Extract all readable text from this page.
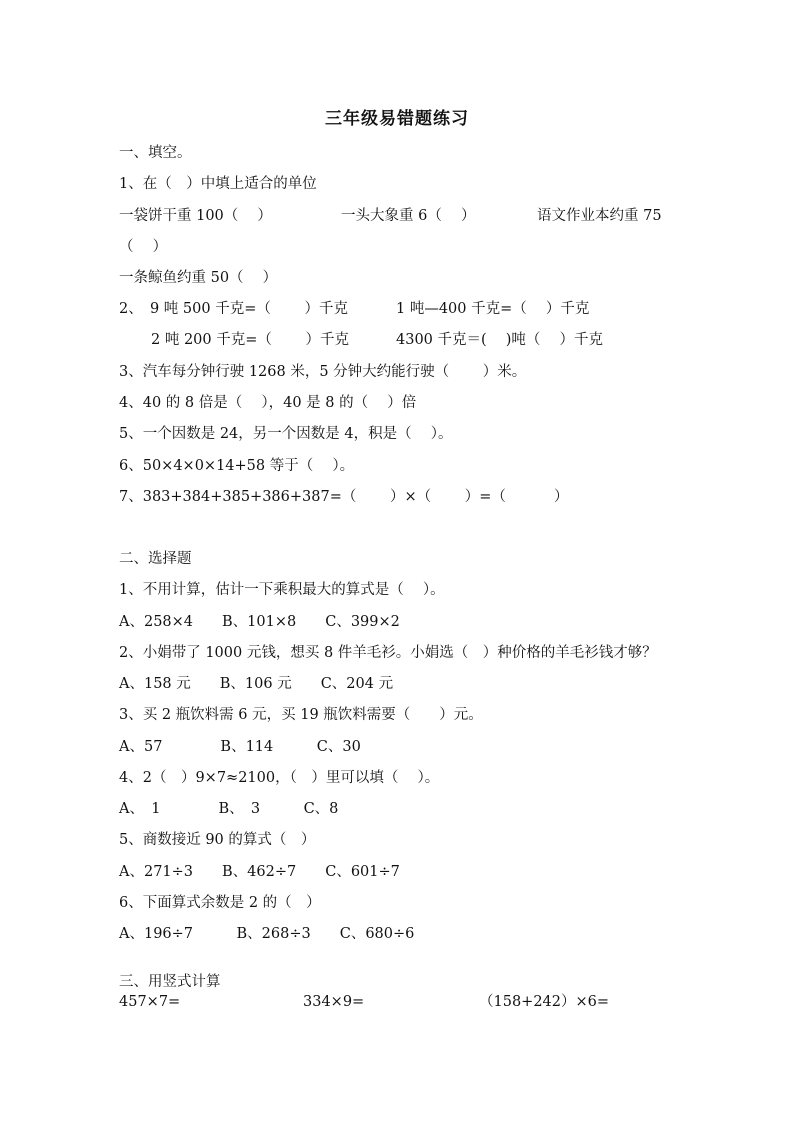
三年级易错题练习
一、填空。
1、在（　）中填上适合的单位
一袋饼干重 100（　 ）	一头大象重 6（　 ）	语文作业本约重 75
（　 ）
一条鲸鱼约重 50（　 ）
2、　9 吨 500 千克=（　　 ）千克	1 吨—400 千克=（　 ）千克
2 吨 200 千克=（　　 ）千克	4300 千克＝(　 )吨（　 ）千克
3、汽车每分钟行驶 1268 米，5 分钟大约能行驶（　　 ）米。
4、40 的 8 倍是（　 ），40 是 8 的（　 ）倍
5、一个因数是 24，另一个因数是 4，积是（　 ）。
6、50×4×0×14+58 等于（　 ）。
7、383+384+385+386+387=（　　 ）×（　　 ）=（　　　 ）
二、选择题
1、不用计算，估计一下乘积最大的算式是（　 ）。
A、258×4　　B、101×8　　C、399×2
2、小娟带了 1000 元钱，想买 8 件羊毛衫。小娟选（　）种价格的羊毛衫钱才够？
A、158 元　　B、106 元　　C、204 元
3、买 2 瓶饮料需 6 元，买 19 瓶饮料需要（　　）元。
A、57　　　　B、114　　　C、30
4、2（　）9×7≈2100，（　）里可以填（　 ）。
A、　1　　　　B、　3　　　C、8
5、商数接近 90 的算式（　）
A、271÷3　　B、462÷7　　C、601÷7
6、下面算式余数是 2 的（　）
A、196÷7　　　B、268÷3　　C、680÷6
三、用竖式计算
457×7=	334×9=	（158+242）×6=
